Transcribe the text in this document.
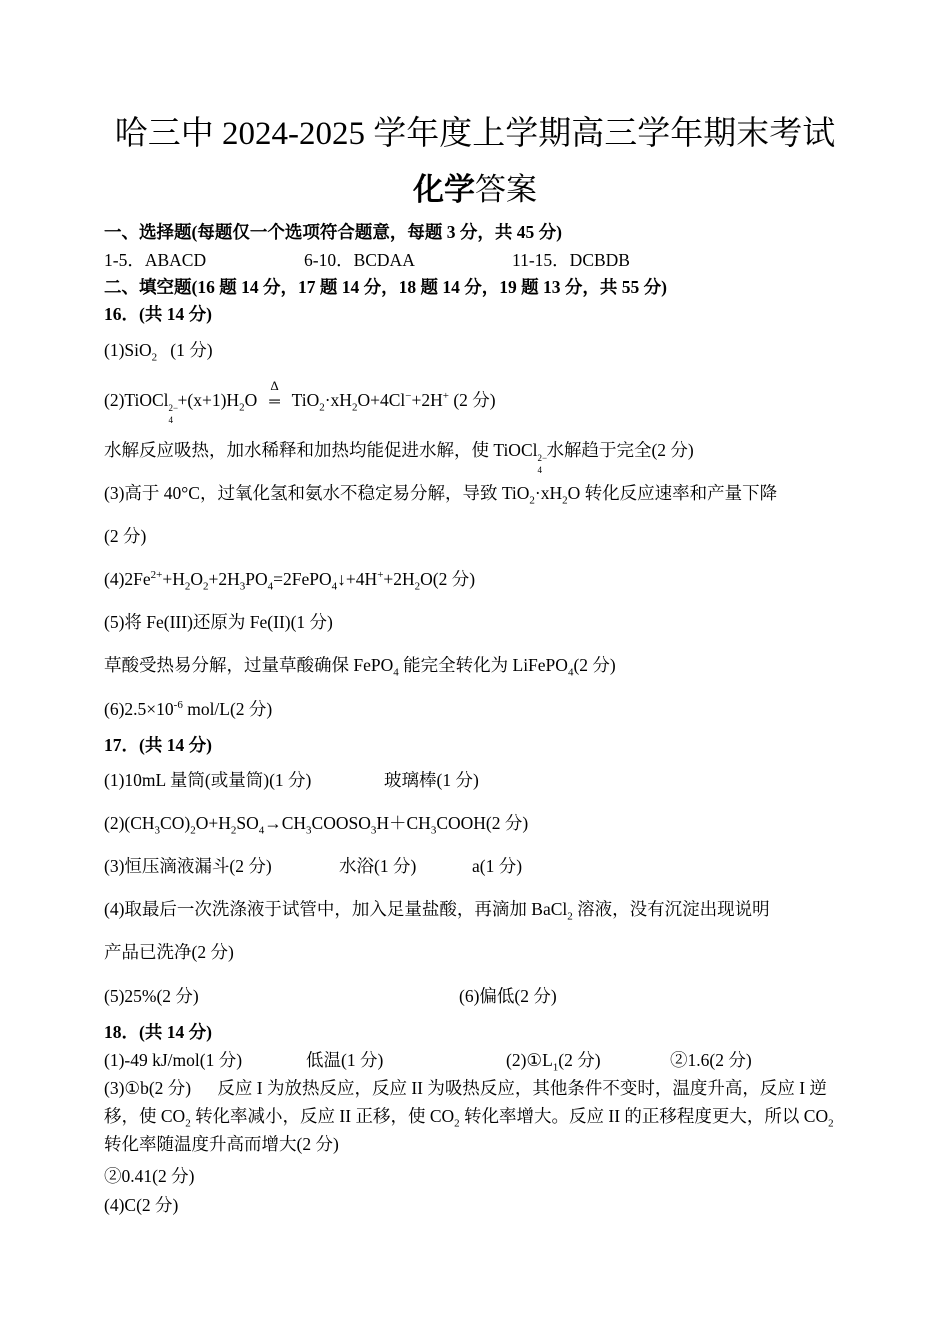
哈三中 2024-2025 学年度上学期高三学年期末考试
化学答案
一、选择题(每题仅一个选项符合题意，每题 3 分，共 45 分)
1-5．ABACD	6-10．BCDAA	11-15．DCBDB
二、填空题(16 题 14 分，17 题 14 分，18 题 14 分，19 题 13 分，共 55 分)
16．(共 14 分)
(1)SiO$_2$   (1 分)
(2)TiOCl 2−
4
$+(x+1)H_2O$
Δ
═ $TiO_2\cdot xH_2O+4Cl^-+2H^+$ (2 分)
水解反应吸热，加水稀释和加热均能促进水解，使 TiOCl 2−
4
水解趋于完全(2 分)
(3)高于 40°C，过氧化氢和氨水不稳定易分解，导致 $TiO_2\cdot xH_2O$ 转化反应速率和产量下降
(2 分)
$(4)2Fe^{2+}+H_2O_2+2H_3PO_4=2FePO_4↓+4H^++2H_2O(2$ 分)
(5)将 Fe(III)还原为 Fe(II)(1 分)
草酸受热易分解，过量草酸确保 FePO$_4$ 能完全转化为 LiFePO$_4$(2 分)
$(6)2.5\times 10^{-6}$ mol/L(2 分)
17．(共 14 分)
(1)10mL 量筒(或量筒)(1 分)	玻璃棒(1 分)
$(2)(CH_3CO)_2O+H_2SO_4\to CH_3COOSO_3H+CH_3COOH(2$ 分)
(3)恒压滴液漏斗(2 分)	水浴(1 分)	a(1 分)
(4)取最后一次洗涤液于试管中，加入足量盐酸，再滴加 BaCl$_2$ 溶液，没有沉淀出现说明
产品已洗净(2 分)
(5)25%(2 分)	(6)偏低(2 分)
18．(共 14 分)
(1)-49 kJ/mol(1 分)	低温(1 分)	$(2)①L_1(2$ 分)	②1.6(2 分)
(3)①b(2 分)      反应 I 为放热反应，反应 II 为吸热反应，其他条件不变时，温度升高，反应 I 逆移，使 $CO_2$ 转化率减小，反应 II 正移，使 $CO_2$ 转化率增大。反应 II 的正移程度更大，所以 $CO_2$ 转化率随温度升高而增大(2 分)
②0.41(2 分)
(4)C(2 分)
